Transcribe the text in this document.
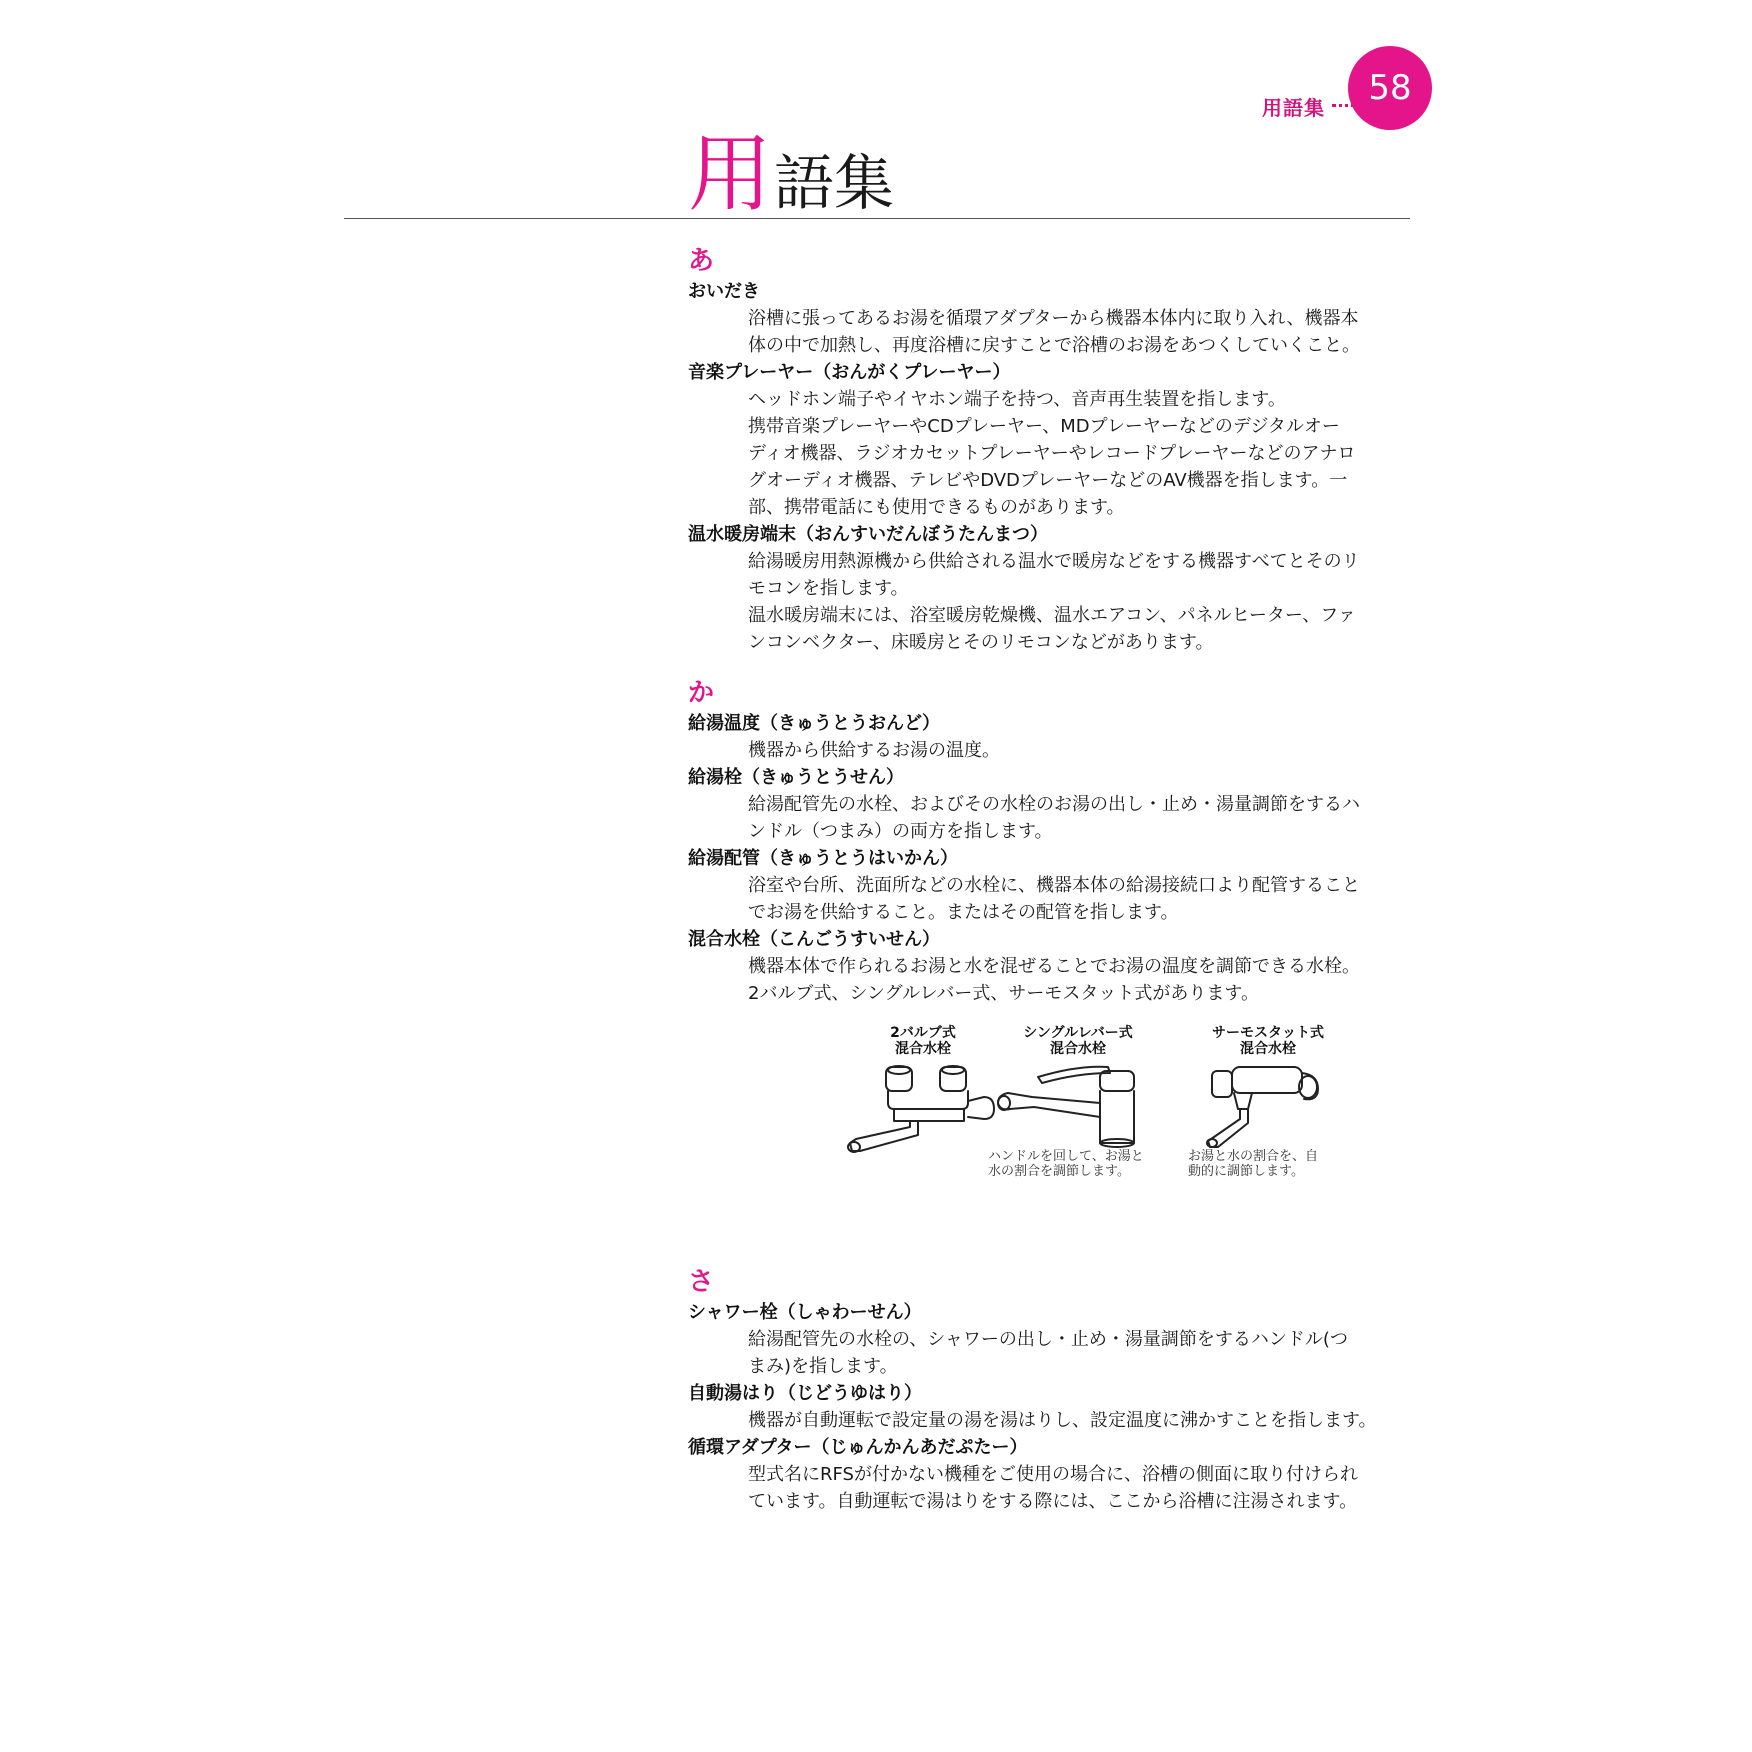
用語集	58
用 語集
あ
おいだき
浴槽に張ってあるお湯を循環アダプターから機器本体内に取り入れ、機器本
体の中で加熱し、再度浴槽に戻すことで浴槽のお湯をあつくしていくこと。
音楽プレーヤー（おんがくプレーヤー）
ヘッドホン端子やイヤホン端子を持つ、音声再生装置を指します。
携帯音楽プレーヤーやCDプレーヤー、MDプレーヤーなどのデジタルオー
ディオ機器、ラジオカセットプレーヤーやレコードプレーヤーなどのアナロ
グオーディオ機器、テレビやDVDプレーヤーなどのAV機器を指します。一
部、携帯電話にも使用できるものがあります。
温水暖房端末（おんすいだんぼうたんまつ）
給湯暖房用熱源機から供給される温水で暖房などをする機器すべてとそのリ
モコンを指します。
温水暖房端末には、浴室暖房乾燥機、温水エアコン、パネルヒーター、ファ
ンコンベクター、床暖房とそのリモコンなどがあります。
か
給湯温度（きゅうとうおんど）
機器から供給するお湯の温度。
給湯栓（きゅうとうせん）
給湯配管先の水栓、およびその水栓のお湯の出し・止め・湯量調節をするハ
ンドル（つまみ）の両方を指します。
給湯配管（きゅうとうはいかん）
浴室や台所、洗面所などの水栓に、機器本体の給湯接続口より配管すること
でお湯を供給すること。またはその配管を指します。
混合水栓（こんごうすいせん）
機器本体で作られるお湯と水を混ぜることでお湯の温度を調節できる水栓。
2バルブ式、シングルレバー式、サーモスタット式があります。
2バルブ式
混合水栓
シングルレバー式
混合水栓
ハンドルを回して、お湯と
水の割合を調節します。
サーモスタット式
混合水栓
お湯と水の割合を、自
動的に調節します。
さ
シャワー栓（しゃわーせん）
給湯配管先の水栓の、シャワーの出し・止め・湯量調節をするハンドル(つ
まみ)を指します。
自動湯はり（じどうゆはり）
機器が自動運転で設定量の湯を湯はりし、設定温度に沸かすことを指します。
循環アダプター（じゅんかんあだぷたー）
型式名にRFSが付かない機種をご使用の場合に、浴槽の側面に取り付けられ
ています。自動運転で湯はりをする際には、ここから浴槽に注湯されます。
